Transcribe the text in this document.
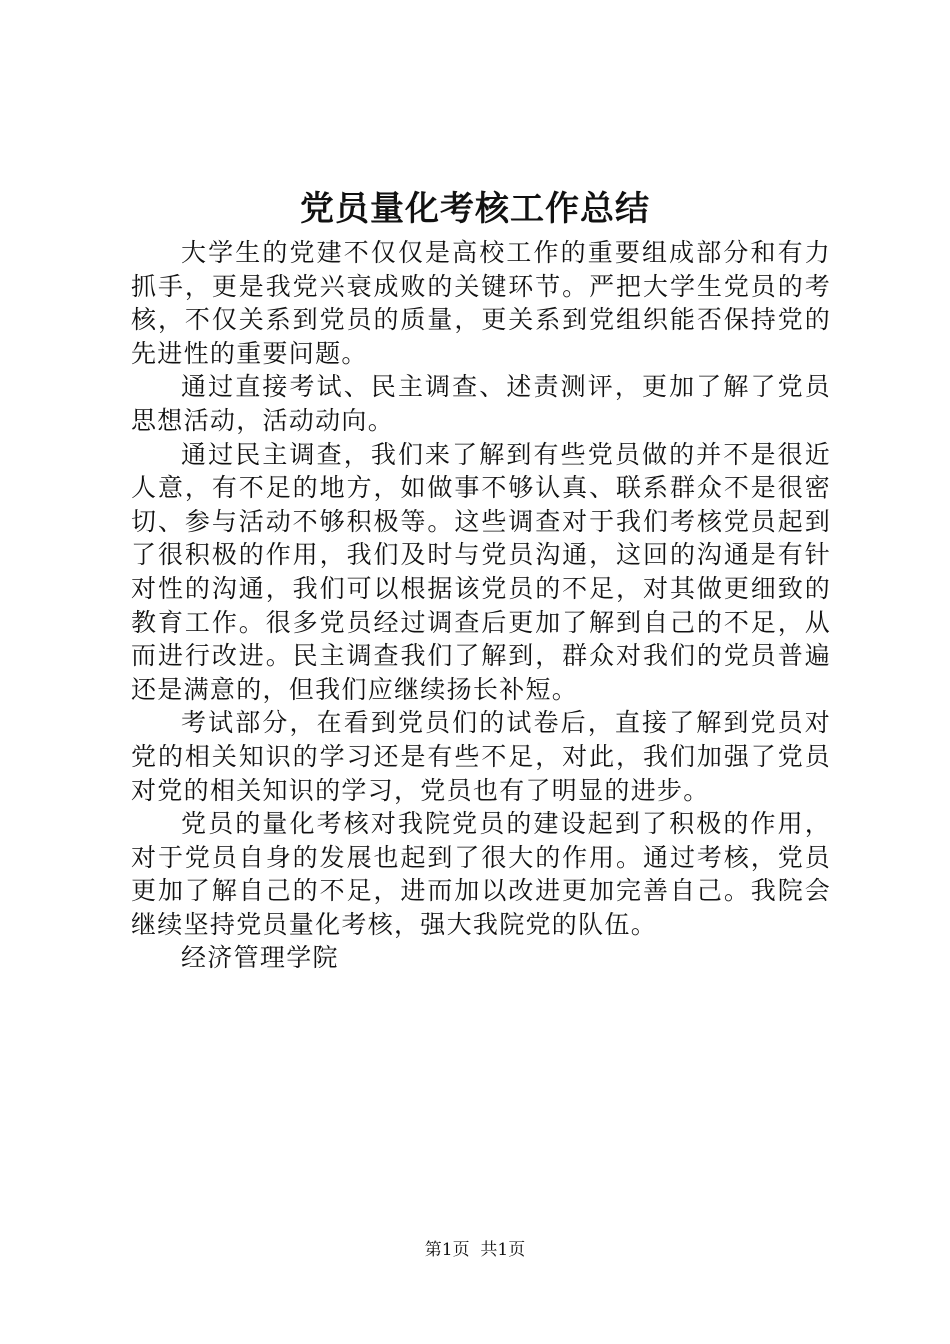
党员量化考核工作总结

大学生的党建不仅仅是高校工作的重要组成部分和有力抓手，更是我党兴衰成败的关键环节。严把大学生党员的考核，不仅关系到党员的质量，更关系到党组织能否保持党的先进性的重要问题。

通过直接考试、民主调查、述责测评，更加了解了党员思想活动，活动动向。

通过民主调查，我们来了解到有些党员做的并不是很近人意，有不足的地方，如做事不够认真、联系群众不是很密切、参与活动不够积极等。这些调查对于我们考核党员起到了很积极的作用，我们及时与党员沟通，这回的沟通是有针对性的沟通，我们可以根据该党员的不足，对其做更细致的教育工作。很多党员经过调查后更加了解到自己的不足，从而进行改进。民主调查我们了解到，群众对我们的党员普遍还是满意的，但我们应继续扬长补短。

考试部分，在看到党员们的试卷后，直接了解到党员对党的相关知识的学习还是有些不足，对此，我们加强了党员对党的相关知识的学习，党员也有了明显的进步。

党员的量化考核对我院党员的建设起到了积极的作用，对于党员自身的发展也起到了很大的作用。通过考核，党员更加了解自己的不足，进而加以改进更加完善自己。我院会继续坚持党员量化考核，强大我院党的队伍。

经济管理学院

第1页  共1页
